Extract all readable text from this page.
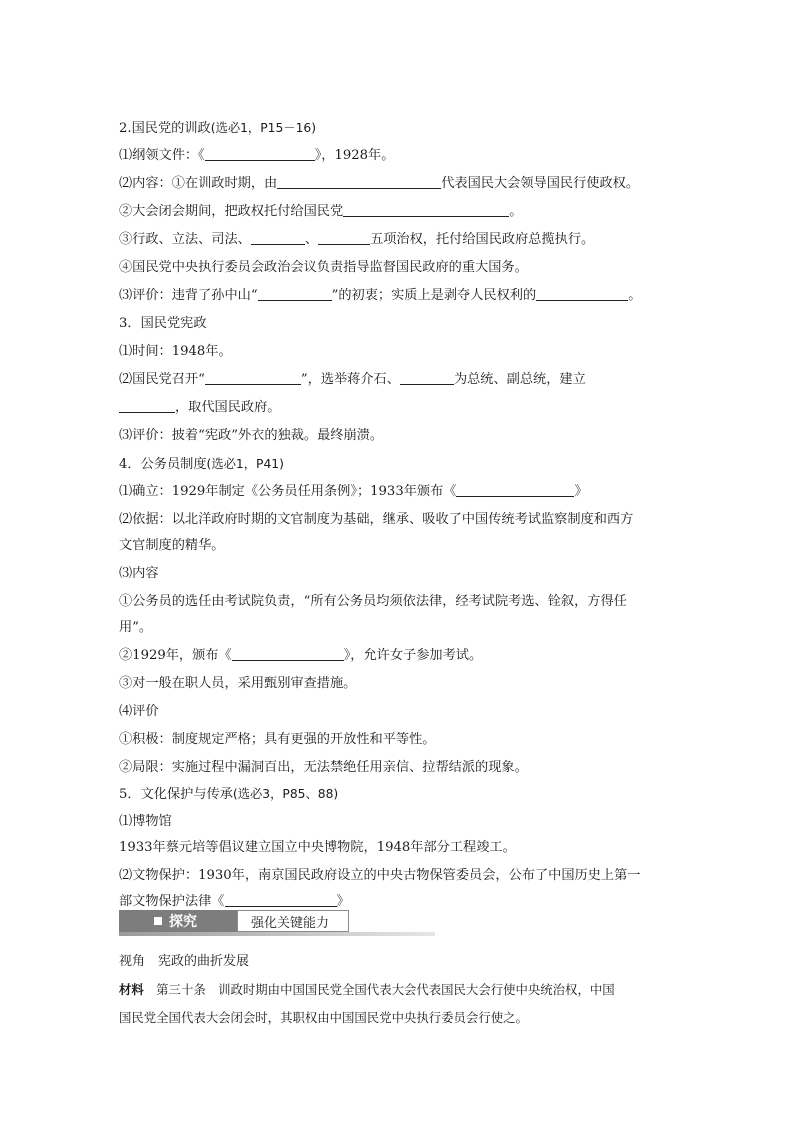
2.国民党的训政(选必1，P15－16)
⑴纲领文件：《	》，1928年。
⑵内容：①在训政时期，由	代表国民大会领导国民行使政权。
②大会闭会期间，把政权托付给国民党	。
③行政、立法、司法、	、	五项治权，托付给国民政府总揽执行。
④国民党中央执行委员会政治会议负责指导监督国民政府的重大国务。
⑶评价：违背了孙中山“	”的初衷；实质上是剥夺人民权利的	。
3．国民党宪政
⑴时间：1948年。
⑵国民党召开“	”，选举蒋介石、	为总统、副总统，建立
，取代国民政府。
⑶评价：披着“宪政”外衣的独裁。最终崩溃。
4．公务员制度(选必1，P41)
⑴确立：1929年制定《公务员任用条例》；1933年颁布《	》
⑵依据：以北洋政府时期的文官制度为基础，继承、吸收了中国传统考试监察制度和西方
文官制度的精华。
⑶内容
①公务员的选任由考试院负责，“所有公务员均须依法律，经考试院考选、铨叙，方得任
用”。
②1929年，颁布《	》，允许女子参加考试。
③对一般在职人员，采用甄别审查措施。
⑷评价
①积极：制度规定严格；具有更强的开放性和平等性。
②局限：实施过程中漏洞百出，无法禁绝任用亲信、拉帮结派的现象。
5．文化保护与传承(选必3，P85、88)
⑴博物馆
1933年蔡元培等倡议建立国立中央博物院，1948年部分工程竣工。
⑵文物保护：1930年，南京国民政府设立的中央古物保管委员会，公布了中国历史上第一
部文物保护法律《	》
探究	强化关键能力
视角　宪政的曲折发展
材料　第三十条　训政时期由中国国民党全国代表大会代表国民大会行使中央统治权，中国
国民党全国代表大会闭会时，其职权由中国国民党中央执行委员会行使之。
